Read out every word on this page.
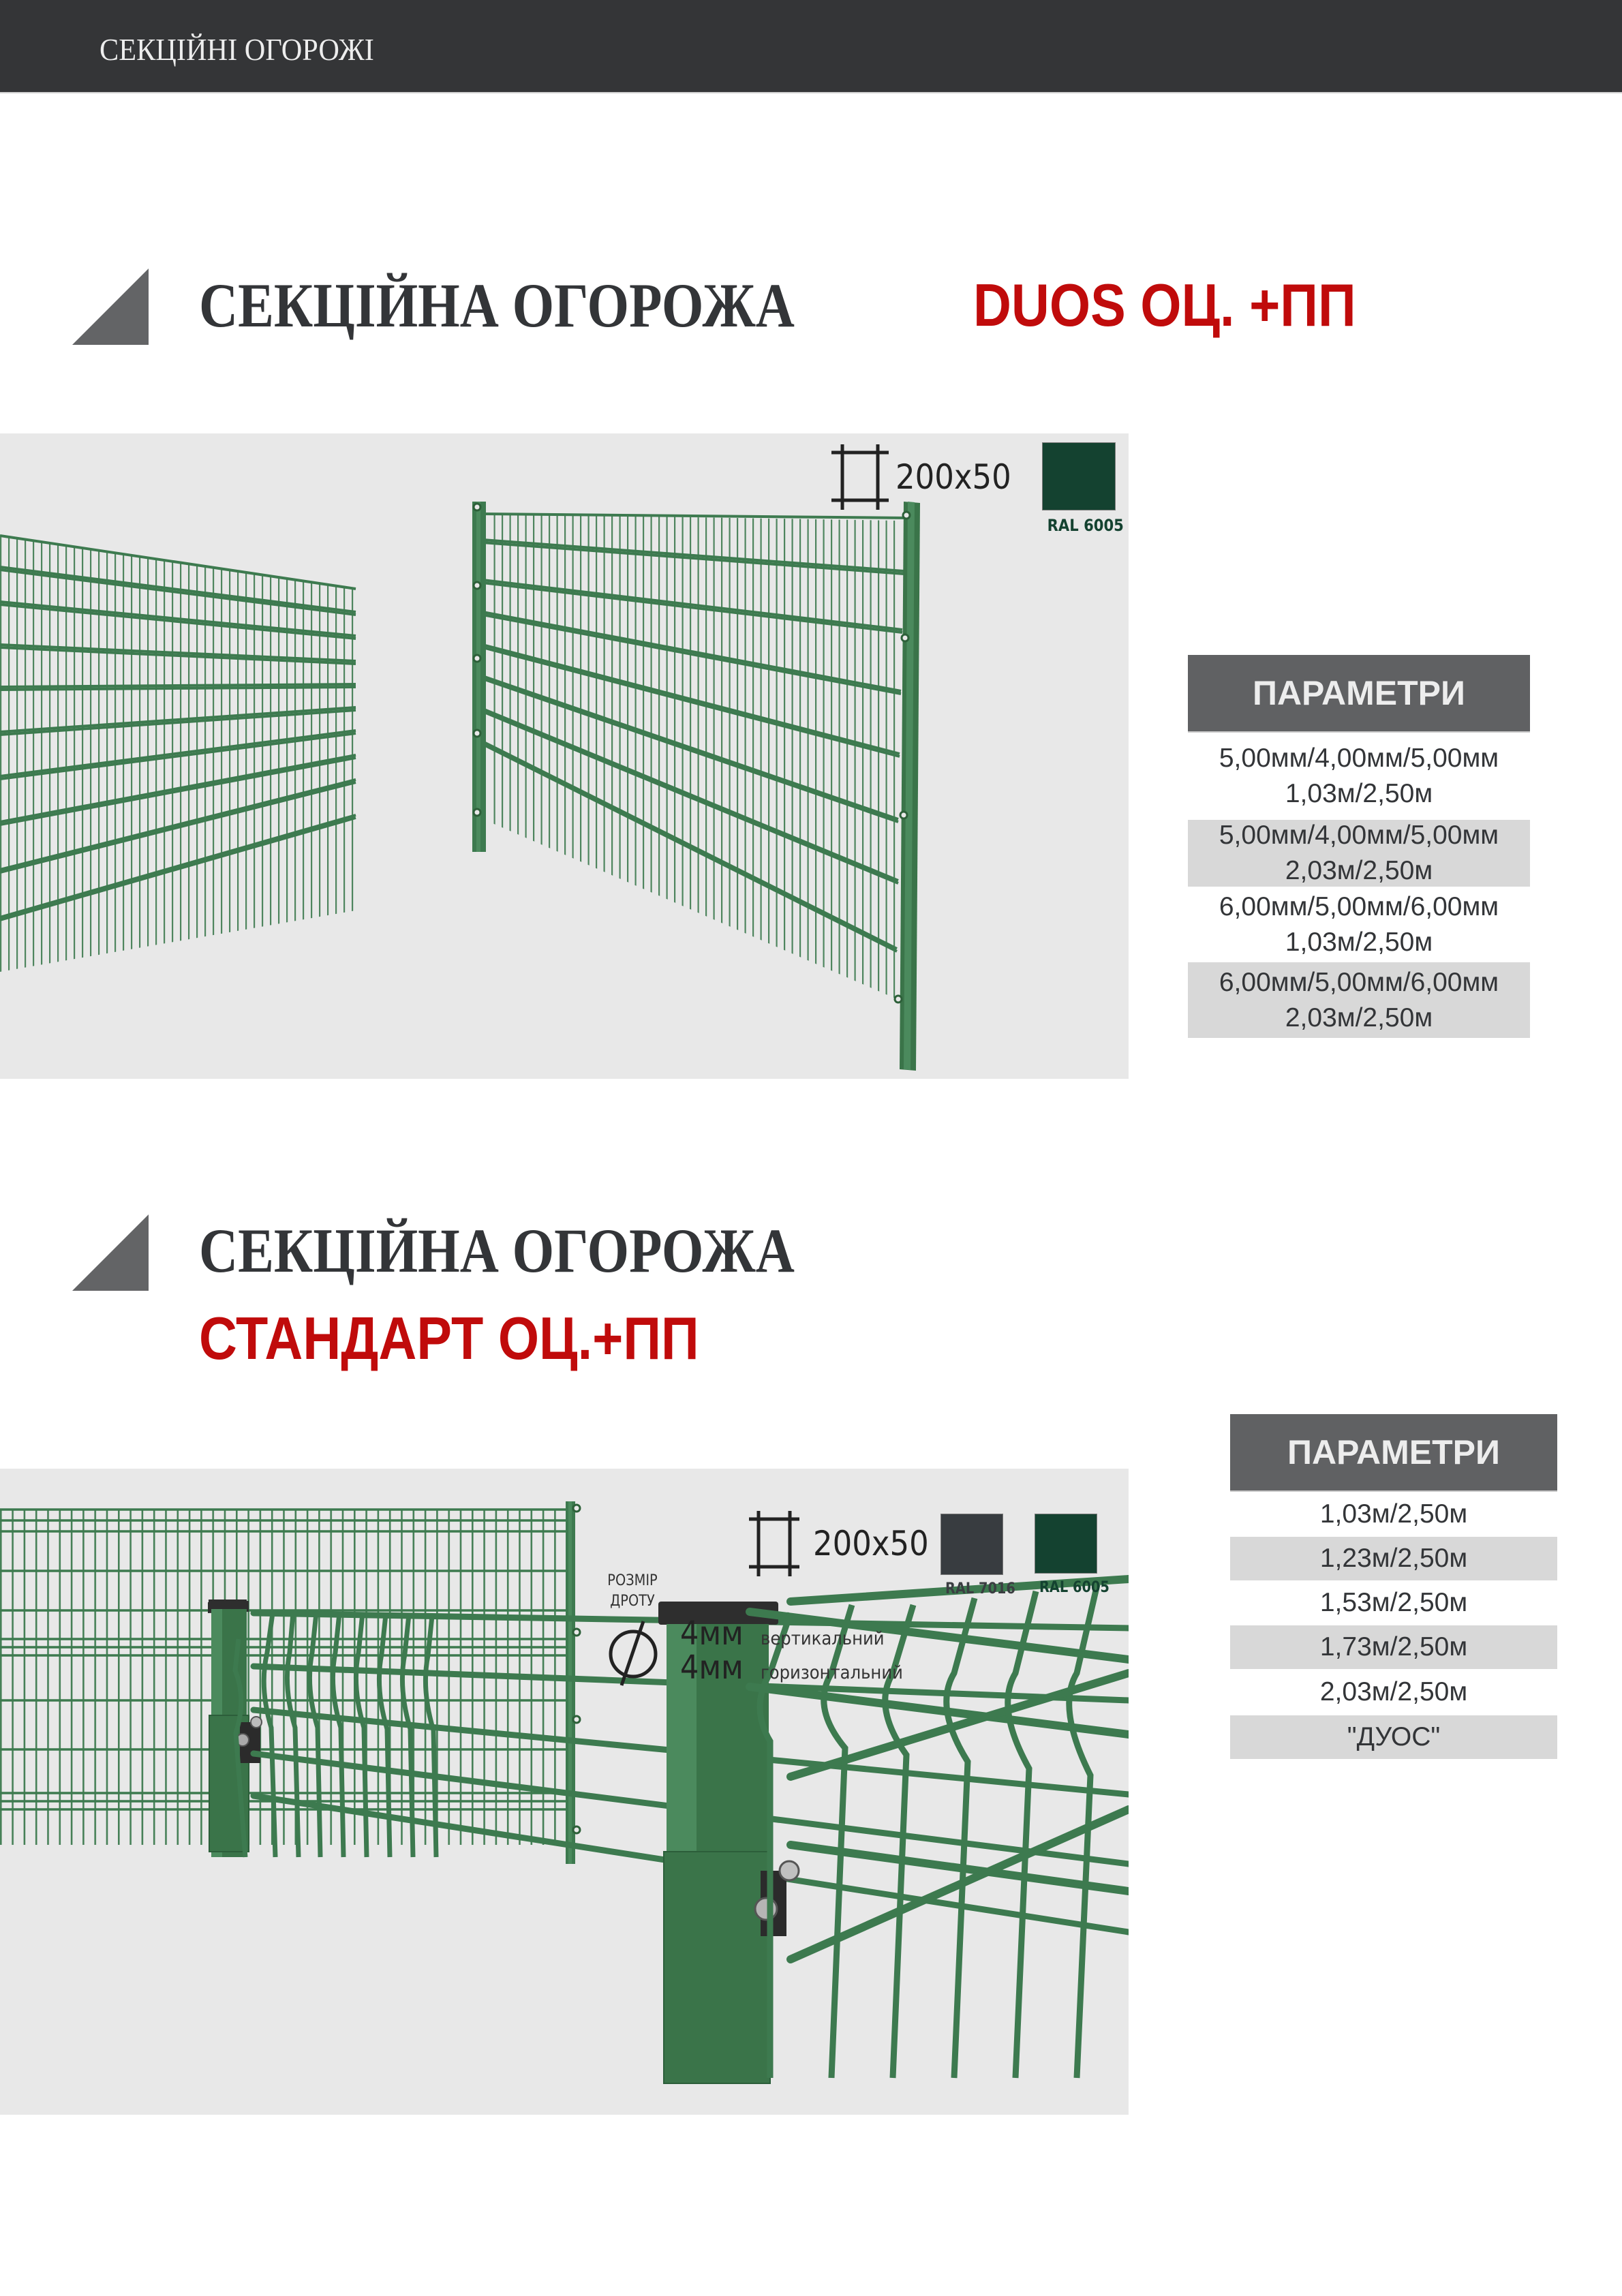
СЕКЦІЙНІ ОГОРОЖІ
СЕКЦІЙНА ОГОРОЖА	DUOS ОЦ. +ПП
200x50
RAL 6005
ПАРАМЕТРИ
5,00мм/4,00мм/5,00мм
1,03м/2,50м
5,00мм/4,00мм/5,00мм
2,03м/2,50м
6,00мм/5,00мм/6,00мм
1,03м/2,50м
6,00мм/5,00мм/6,00мм
2,03м/2,50м
СЕКЦІЙНА ОГОРОЖА
СТАНДАРТ ОЦ.+ПП
200x50
RAL 7016 RAL 6005
РОЗМІР
ДРОТУ
4мм вертикальний
4мм горизонтальний
ПАРАМЕТРИ
1,03м/2,50м
1,23м/2,50м
1,53м/2,50м
1,73м/2,50м
2,03м/2,50м
"ДУОС"
